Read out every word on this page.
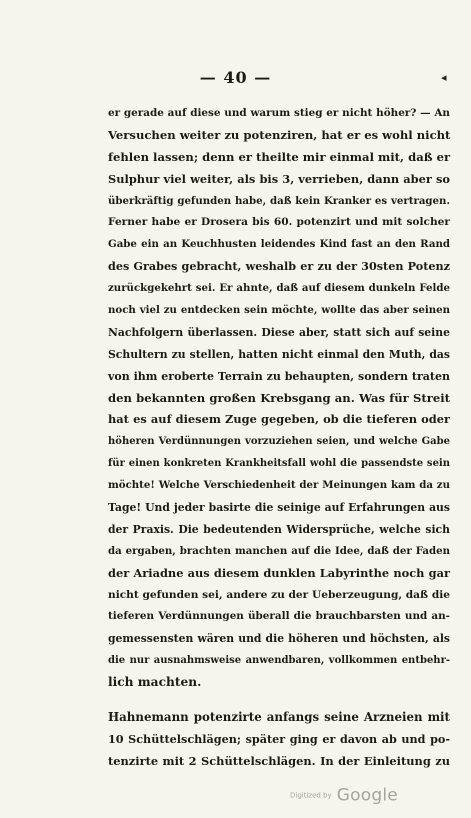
— 40 —	◂
er gerade auf diese und warum stieg er nicht höher? — An
Versuchen weiter zu potenziren, hat er es wohl nicht
fehlen lassen; denn er theilte mir einmal mit, daß er
Sulphur viel weiter, als bis 3, verrieben, dann aber so
überkräftig gefunden habe, daß kein Kranker es vertragen.
Ferner habe er Drosera bis 60. potenzirt und mit solcher
Gabe ein an Keuchhusten leidendes Kind fast an den Rand
des Grabes gebracht, weshalb er zu der 30sten Potenz
zurückgekehrt sei. Er ahnte, daß auf diesem dunkeln Felde
noch viel zu entdecken sein möchte, wollte das aber seinen
Nachfolgern überlassen. Diese aber, statt sich auf seine
Schultern zu stellen, hatten nicht einmal den Muth, das
von ihm eroberte Terrain zu behaupten, sondern traten
den bekannten großen Krebsgang an. Was für Streit
hat es auf diesem Zuge gegeben, ob die tieferen oder
höheren Verdünnungen vorzuziehen seien, und welche Gabe
für einen konkreten Krankheitsfall wohl die passendste sein
möchte! Welche Verschiedenheit der Meinungen kam da zu
Tage! Und jeder basirte die seinige auf Erfahrungen aus
der Praxis. Die bedeutenden Widersprüche, welche sich
da ergaben, brachten manchen auf die Idee, daß der Faden
der Ariadne aus diesem dunklen Labyrinthe noch gar
nicht gefunden sei, andere zu der Ueberzeugung, daß die
tieferen Verdünnungen überall die brauchbarsten und an-
gemessensten wären und die höheren und höchsten, als
die nur ausnahmsweise anwendbaren, vollkommen entbehr-
lich machten.
Hahnemann potenzirte anfangs seine Arzneien mit
10 Schüttelschlägen; später ging er davon ab und po-
tenzirte mit 2 Schüttelschlägen. In der Einleitung zu
Digitized by Google
